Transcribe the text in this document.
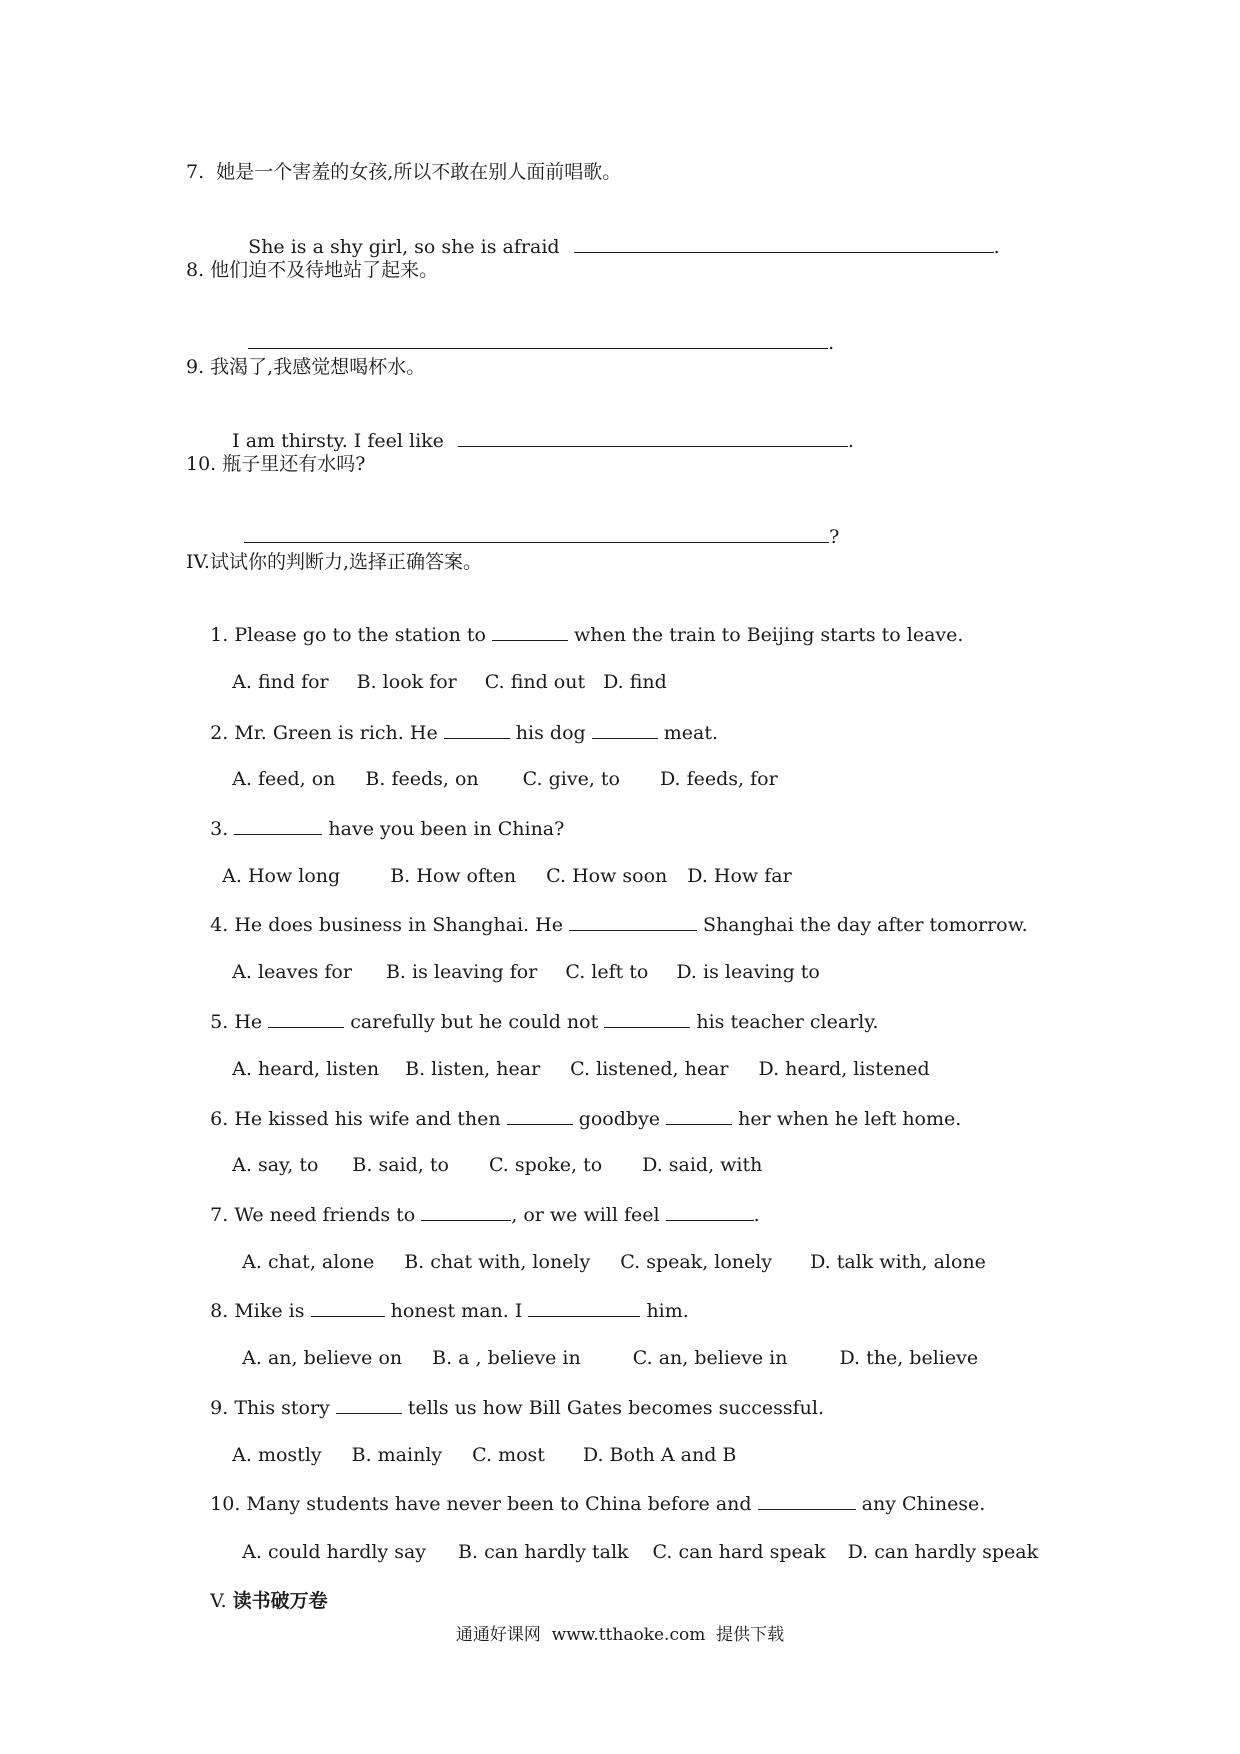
7.  她是一个害羞的女孩,所以不敢在别人面前唱歌。

She is a shy girl, so she is afraid	.

8. 他们迫不及待地站了起来。

.

9. 我渴了,我感觉想喝杯水。

I am thirsty. I feel like	.

10. 瓶子里还有水吗?

?

IV.试试你的判断力,选择正确答案。

1. Please go to the station to	when the train to Beijing starts to leave.

A. find for B. look for C. find out D. find

2. Mr. Green is rich. He	his dog	meat.

A. feed, on B. feeds, on C. give, to D. feeds, for

3.	have you been in China?

A. How long	B. How often C. How soon D. How far

4. He does business in Shanghai. He	Shanghai the day after tomorrow.

A. leaves for B. is leaving for C. left to D. is leaving to

5. He	carefully but he could not	his teacher clearly.

A. heard, listen B. listen, hear C. listened, hear D. heard, listened

6. He kissed his wife and then	goodbye	her when he left home.

A. say, to B. said, to C. spoke, to D. said, with

7. We need friends to	, or we will feel	.

A. chat, alone B. chat with, lonely C. speak, lonely D. talk with, alone

8. Mike is	honest man. I	him.

A. an, believe on B. a , believe in	C. an, believe in	D. the, believe

9. This story	tells us how Bill Gates becomes successful.

A. mostly B. mainly C. most D. Both A and B

10. Many students have never been to China before and	any Chinese.

A. could hardly say B. can hardly talk C. can hard speak D. can hardly speak

V. 读书破万卷

通通好课网  www.tthaoke.com  提供下载
